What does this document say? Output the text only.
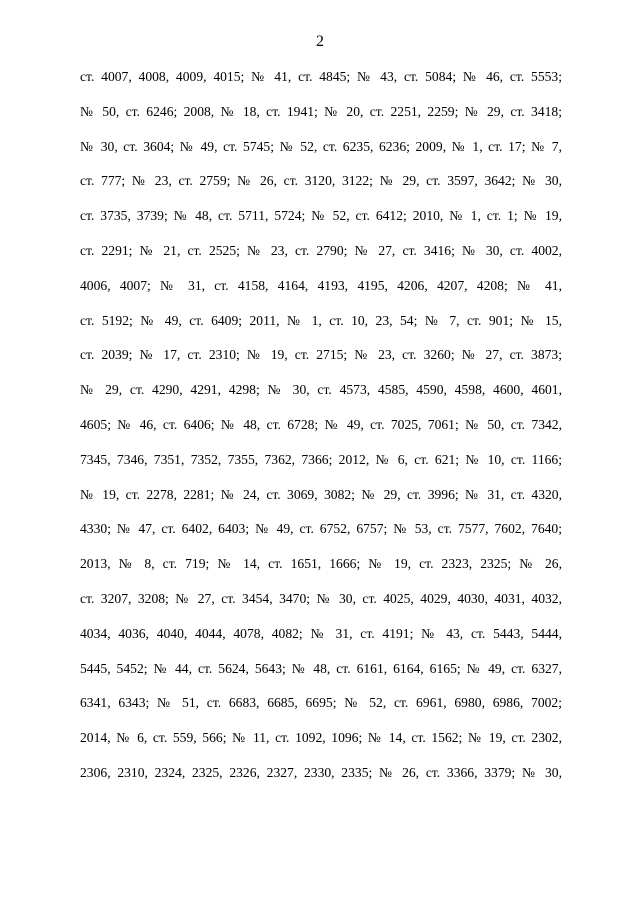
2
ст. 4007, 4008, 4009, 4015; № 41, ст. 4845; № 43, ст. 5084; № 46, ст. 5553;
№ 50, ст. 6246; 2008, № 18, ст. 1941; № 20, ст. 2251, 2259; № 29, ст. 3418;
№ 30, ст. 3604; № 49, ст. 5745; № 52, ст. 6235, 6236; 2009, № 1, ст. 17; № 7,
ст. 777; № 23, ст. 2759; № 26, ст. 3120, 3122; № 29, ст. 3597, 3642; № 30,
ст. 3735, 3739; № 48, ст. 5711, 5724; № 52, ст. 6412; 2010, № 1, ст. 1; № 19,
ст. 2291; № 21, ст. 2525; № 23, ст. 2790; № 27, ст. 3416; № 30, ст. 4002,
4006, 4007; № 31, ст. 4158, 4164, 4193, 4195, 4206, 4207, 4208; № 41,
ст. 5192; № 49, ст. 6409; 2011, № 1, ст. 10, 23, 54; № 7, ст. 901; № 15,
ст. 2039; № 17, ст. 2310; № 19, ст. 2715; № 23, ст. 3260; № 27, ст. 3873;
№ 29, ст. 4290, 4291, 4298; № 30, ст. 4573, 4585, 4590, 4598, 4600, 4601,
4605; № 46, ст. 6406; № 48, ст. 6728; № 49, ст. 7025, 7061; № 50, ст. 7342,
7345, 7346, 7351, 7352, 7355, 7362, 7366; 2012, № 6, ст. 621; № 10, ст. 1166;
№ 19, ст. 2278, 2281; № 24, ст. 3069, 3082; № 29, ст. 3996; № 31, ст. 4320,
4330; № 47, ст. 6402, 6403; № 49, ст. 6752, 6757; № 53, ст. 7577, 7602, 7640;
2013, № 8, ст. 719; № 14, ст. 1651, 1666; № 19, ст. 2323, 2325; № 26,
ст. 3207, 3208; № 27, ст. 3454, 3470; № 30, ст. 4025, 4029, 4030, 4031, 4032,
4034, 4036, 4040, 4044, 4078, 4082; № 31, ст. 4191; № 43, ст. 5443, 5444,
5445, 5452; № 44, ст. 5624, 5643; № 48, ст. 6161, 6164, 6165; № 49, ст. 6327,
6341, 6343; № 51, ст. 6683, 6685, 6695; № 52, ст. 6961, 6980, 6986, 7002;
2014, № 6, ст. 559, 566; № 11, ст. 1092, 1096; № 14, ст. 1562; № 19, ст. 2302,
2306, 2310, 2324, 2325, 2326, 2327, 2330, 2335; № 26, ст. 3366, 3379; № 30,
